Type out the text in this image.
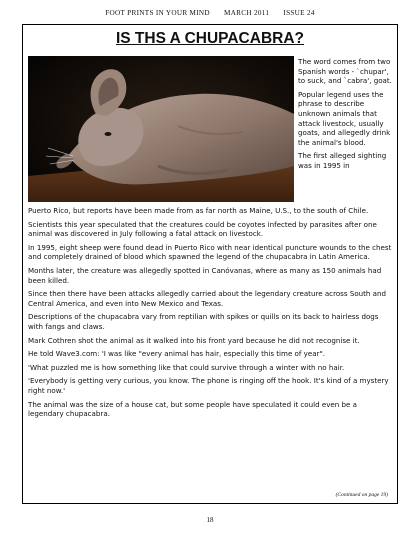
FOOT PRINTS IN YOUR MIND MARCH 2011 ISSUE 24
IS THS A CHUPACABRA?

The word comes from two Spanish words - `chupar', to suck, and `cabra', goat.

Popular legend uses the phrase to describe unknown animals that attack livestock, usually goats, and allegedly drink the animal's blood.

The first alleged sighting was in 1995 in

Puerto Rico, but reports have been made from as far north as Maine, U.S., to the south of Chile.

Scientists this year speculated that the creatures could be coyotes infected by parasites after one animal was discovered in July following a fatal attack on livestock.

In 1995, eight sheep were found dead in Puerto Rico with near identical puncture wounds to the chest and completely drained of blood which spawned the legend of the chupacabra in Latin America.

Months later, the creature was allegedly spotted in Canóvanas, where as many as 150 animals had been killed.

Since then there have been attacks allegedly carried about the legendary creature across South and Central America, and even into New Mexico and Texas.

Descriptions of the chupacabra vary from reptilian with spikes or quills on its back to hairless dogs with fangs and claws.

Mark Cothren shot the animal as it walked into his front yard because he did not recognise it.

He told Wave3.com: 'I was like "every animal has hair, especially this time of year".

'What puzzled me is how something like that could survive through a winter with no hair.

'Everybody is getting very curious, you know. The phone is ringing off the hook. It's kind of a mystery right now.'

The animal was the size of a house cat, but some people have speculated it could even be a legendary chupacabra.

(Continued on page 19)
18
